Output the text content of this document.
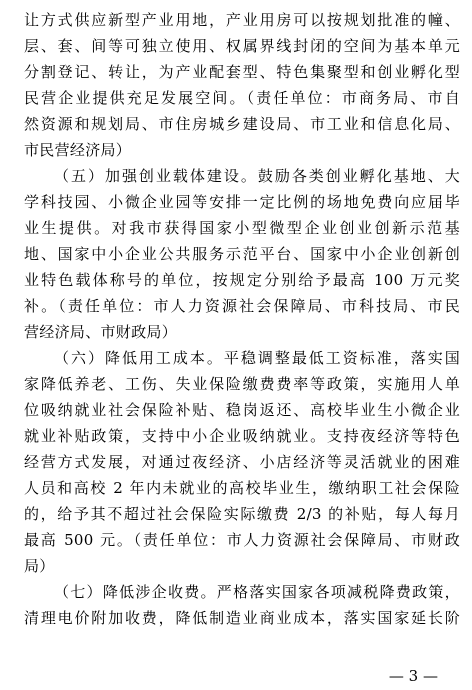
让方式供应新型产业用地，产业用房可以按规划批准的幢、
层、套、间等可独立使用、权属界线封闭的空间为基本单元
分割登记、转让，为产业配套型、特色集聚型和创业孵化型
民营企业提供充足发展空间。（责任单位：市商务局、市自
然资源和规划局、市住房城乡建设局、市工业和信息化局、
市民营经济局）
（五）加强创业载体建设。鼓励各类创业孵化基地、大
学科技园、小微企业园等安排一定比例的场地免费向应届毕
业生提供。对我市获得国家小型微型企业创业创新示范基
地、国家中小企业公共服务示范平台、国家中小企业创新创
业特色载体称号的单位，按规定分别给予最高 100 万元奖
补。（责任单位：市人力资源社会保障局、市科技局、市民
营经济局、市财政局）
（六）降低用工成本。平稳调整最低工资标准，落实国
家降低养老、工伤、失业保险缴费费率等政策，实施用人单
位吸纳就业社会保险补贴、稳岗返还、高校毕业生小微企业
就业补贴政策，支持中小企业吸纳就业。支持夜经济等特色
经营方式发展，对通过夜经济、小店经济等灵活就业的困难
人员和高校 2 年内未就业的高校毕业生，缴纳职工社会保险
的，给予其不超过社会保险实际缴费 2/3 的补贴，每人每月
最高 500 元。（责任单位：市人力资源社会保障局、市财政
局）
（七）降低涉企收费。严格落实国家各项减税降费政策，
清理电价附加收费，降低制造业商业成本，落实国家延长阶
— 3 —
